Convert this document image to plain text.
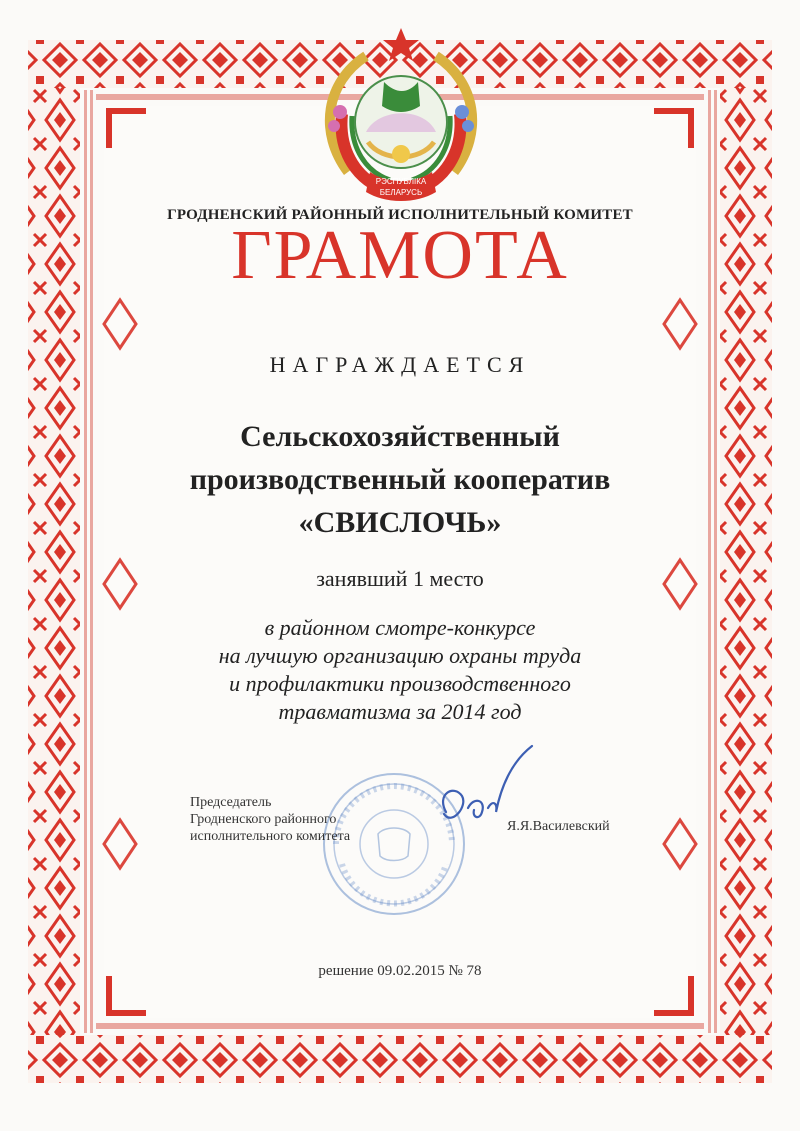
РЭСПУБЛІКА
БЕЛАРУСЬ
ГРОДНЕНСКИЙ РАЙОННЫЙ ИСПОЛНИТЕЛЬНЫЙ КОМИТЕТ
ГРАМОТА
НАГРАЖДАЕТСЯ
Сельскохозяйственный
производственный кооператив
«СВИСЛОЧЬ»
занявший 1 место
в районном смотре-конкурсе
на лучшую организацию охраны труда
и профилактики производственного
травматизма за 2014 год
Председатель
Гродненского районного
исполнительного комитета
Я.Я.Василевский
решение 09.02.2015 № 78
